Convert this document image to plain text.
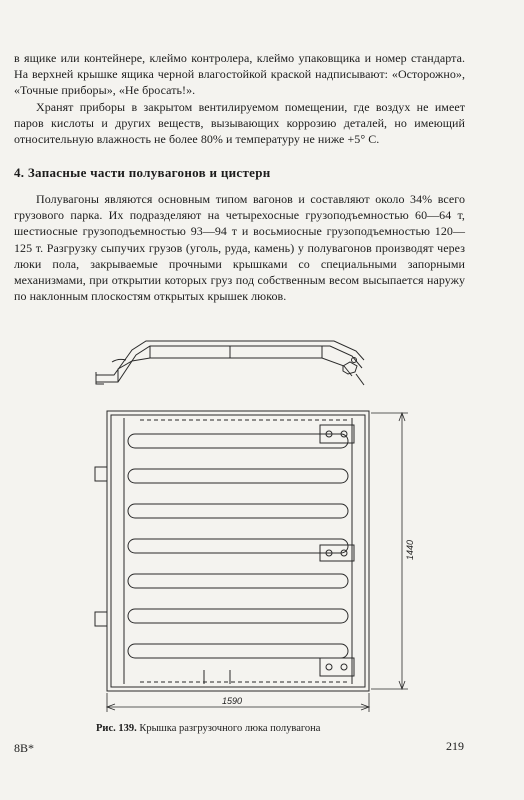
в ящике или контейнере, клеймо контролера, клеймо упаковщика и номер стандарта. На верхней крышке ящика черной влагостойкой краской надписывают: «Осторожно», «Точные приборы», «Не бросать!».

Хранят приборы в закрытом вентилируемом помещении, где воздух не имеет паров кислоты и других веществ, вызывающих коррозию деталей, но имеющий относительную влажность не более 80% и температуру не ниже +5° С.

4. Запасные части полувагонов и цистерн

Полувагоны являются основным типом вагонов и составляют около 34% всего грузового парка. Их подразделяют на четырехосные грузоподъемностью 60—64 т, шестиосные грузоподъемностью 93—94 т и восьмиосные грузоподъемностью 120—125 т. Разгрузку сыпучих грузов (уголь, руда, камень) у полувагонов производят через люки пола, закрываемые прочными крышками со специальными запорными механизмами, при открытии которых груз под собственным весом высыпается наружу по наклонным плоскостям открытых крышек люков.

1440
1590

Рис. 139. Крышка разгрузочного люка полувагона

8В*	219
